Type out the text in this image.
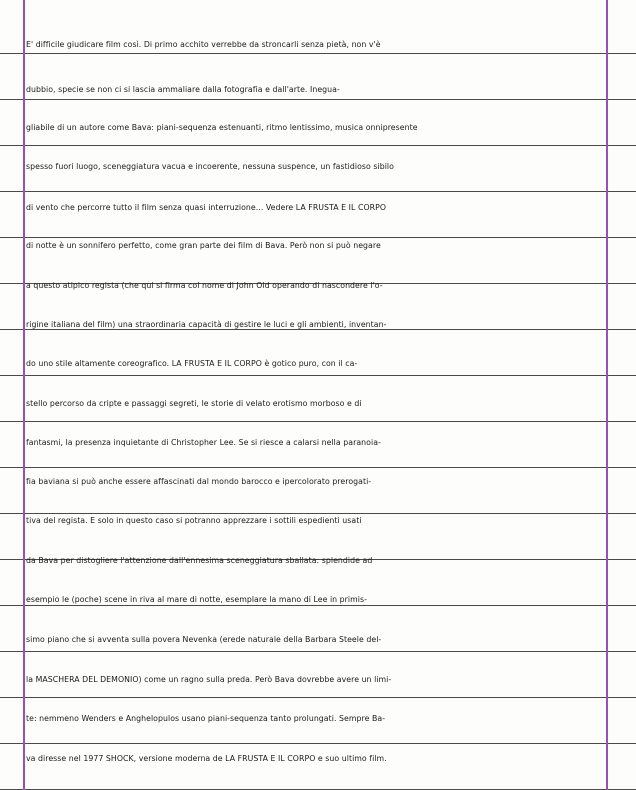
E' difficile giudicare film così. Di primo acchito verrebbe da stroncarli senza pietà, non v'è
dubbio, specie se non ci si lascia ammaliare dalla fotografia e dall'arte. Inegua-
gliabile di un autore come Bava: piani-sequenza estenuanti, ritmo lentissimo, musica onnipresente
spesso fuori luogo, sceneggiatura vacua e incoerente, nessuna suspence, un fastidioso sibilo
di vento che percorre tutto il film senza quasi interruzione... Vedere LA FRUSTA E IL CORPO
di notte è un sonnifero perfetto, come gran parte dei film di Bava. Però non si può negare
a questo atipico regista (che qui si firma col nome di John Old operando di nascondere l'o-
rigine italiana del film) una straordinaria capacità di gestire le luci e gli ambienti, inventan-
do uno stile altamente coreografico. LA FRUSTA E IL CORPO è gotico puro, con il ca-
stello percorso da cripte e passaggi segreti, le storie di velato erotismo morboso e di
fantasmi, la presenza inquietante di Christopher Lee. Se si riesce a calarsi nella paranoia-
fia baviana si può anche essere affascinati dal mondo barocco e ipercolorato prerogati-
tiva del regista. E solo in questo caso si potranno apprezzare i sottili espedienti usati
da Bava per distogliere l'attenzione dall'ennesima sceneggiatura sballata: splendide ad
esempio le (poche) scene in riva al mare di notte, esemplare la mano di Lee in primis-
simo piano che si avventa sulla povera Nevenka (erede naturale della Barbara Steele del-
la MASCHERA DEL DEMONIO) come un ragno sulla preda. Però Bava dovrebbe avere un limi-
te: nemmeno Wenders e Anghelopulos usano piani-sequenza tanto prolungati. Sempre Ba-
va diresse nel 1977 SHOCK, versione moderna de LA FRUSTA E IL CORPO e suo ultimo film.
